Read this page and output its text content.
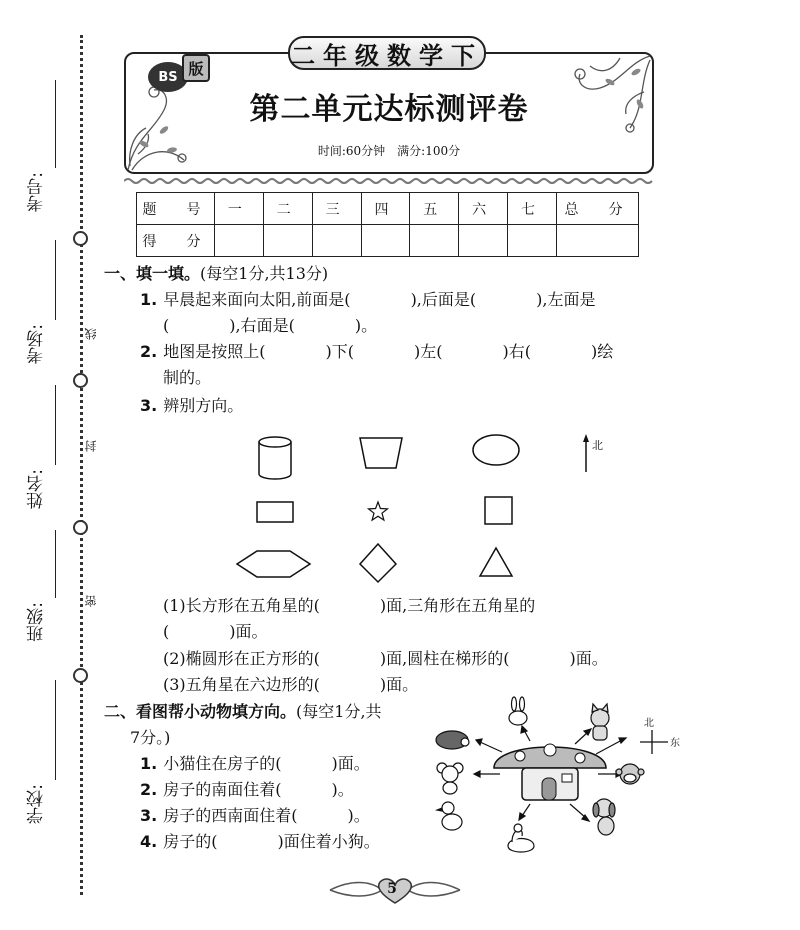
线
封
密
考号:
考场:
姓名:
班级:
学校:
二年级数学下
BS 版
第二单元达标测评卷
时间:60分钟　满分:100分
题　号	一	二	三	四	五	六	七	总　分
得　分								
一、填一填。(每空1分,共13分)
1. 早晨起来面向太阳,前面是(	),后面是(	),左面是
(	),右面是(	)。
2. 地图是按照上(	)下(	)左(	)右(	)绘
制的。
3. 辨别方向。
北
(1)长方形在五角星的(	)面,三角形在五角星的
(	)面。
(2)椭圆形在正方形的(	)面,圆柱在梯形的(	)面。
(3)五角星在六边形的(	)面。
二、看图帮小动物填方向。(每空1分,共
7分。)
1. 小猫住在房子的(	)面。
2. 房子的南面住着(	)。
3. 房子的西南面住着(	)。
4. 房子的(	)面住着小狗。
北
东
5
